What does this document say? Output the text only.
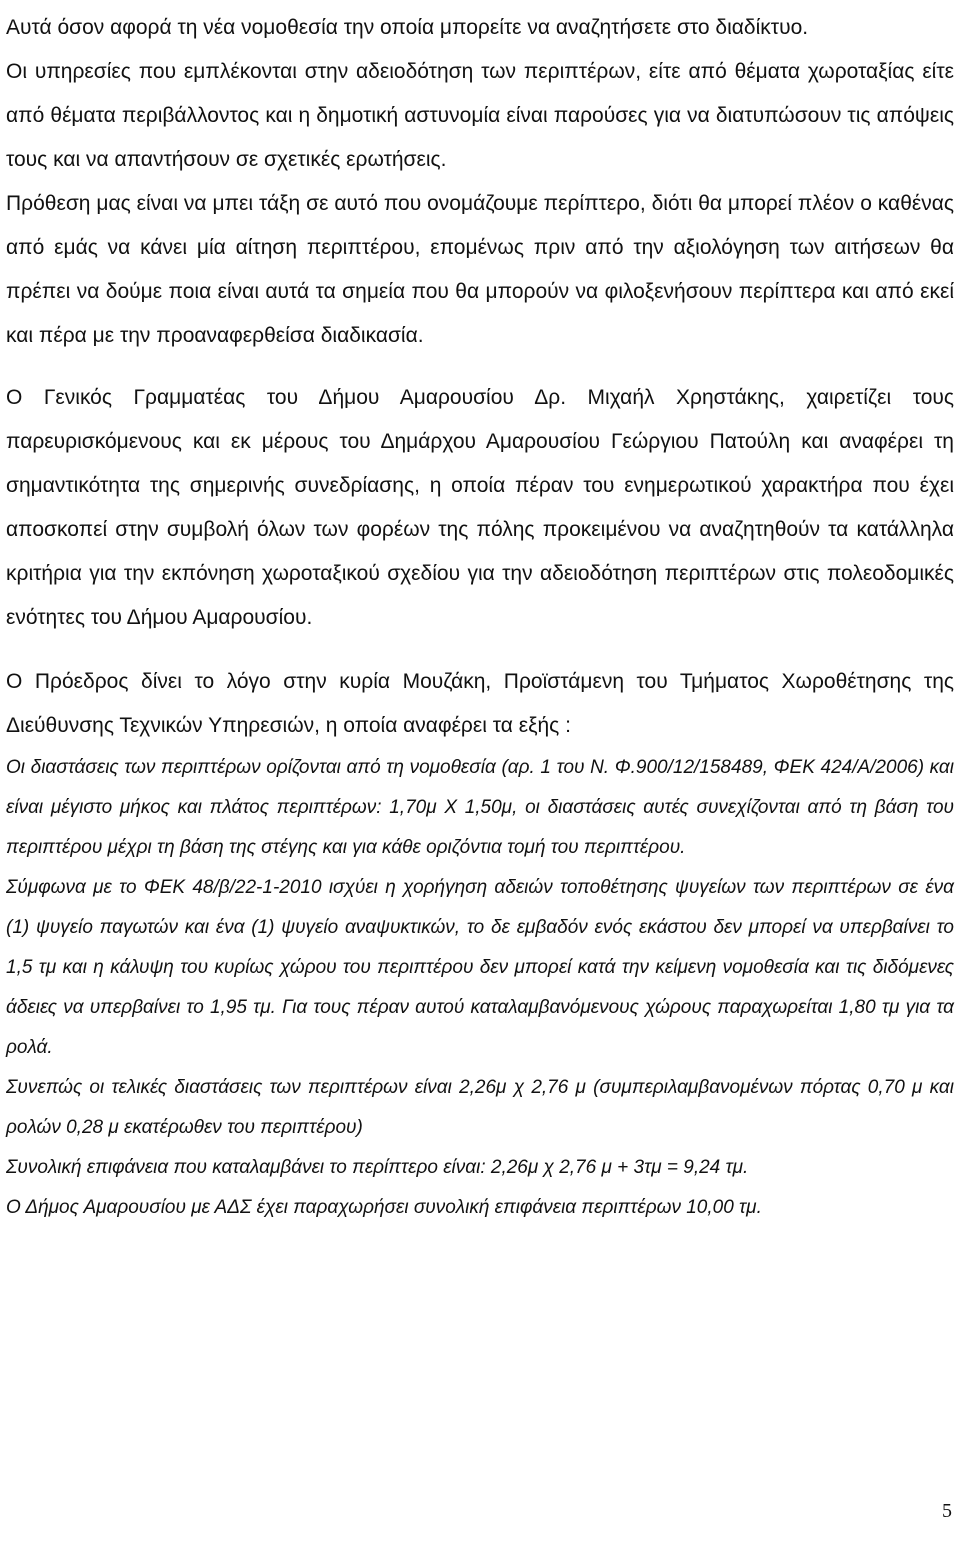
Αυτά όσον αφορά τη νέα νομοθεσία την οποία μπορείτε να αναζητήσετε στο διαδίκτυο.

Οι υπηρεσίες που εμπλέκονται στην αδειοδότηση των περιπτέρων, είτε από θέματα χωροταξίας είτε από θέματα περιβάλλοντος και η δημοτική αστυνομία είναι παρούσες για να διατυπώσουν τις απόψεις τους και να απαντήσουν σε σχετικές ερωτήσεις.

Πρόθεση μας είναι να μπει τάξη σε αυτό που ονομάζουμε περίπτερο, διότι θα μπορεί πλέον ο καθένας από εμάς να κάνει μία αίτηση περιπτέρου, επομένως πριν από την αξιολόγηση των αιτήσεων θα πρέπει να δούμε ποια είναι αυτά τα σημεία που θα μπορούν να φιλοξενήσουν περίπτερα και από εκεί και πέρα με την προαναφερθείσα διαδικασία.

Ο Γενικός Γραμματέας του Δήμου Αμαρουσίου Δρ. Μιχαήλ Χρηστάκης, χαιρετίζει τους παρευρισκόμενους και εκ μέρους του Δημάρχου Αμαρουσίου Γεώργιου Πατούλη και αναφέρει τη σημαντικότητα της σημερινής συνεδρίασης, η οποία πέραν του ενημερωτικού χαρακτήρα που έχει αποσκοπεί στην συμβολή όλων των φορέων της πόλης προκειμένου να αναζητηθούν τα κατάλληλα κριτήρια για την εκπόνηση χωροταξικού σχεδίου για την αδειοδότηση περιπτέρων στις πολεοδομικές ενότητες του Δήμου Αμαρουσίου.

Ο Πρόεδρος δίνει το λόγο στην κυρία Μουζάκη, Προϊστάμενη του Τμήματος Χωροθέτησης της Διεύθυνσης Τεχνικών Υπηρεσιών, η οποία αναφέρει τα εξής :

Οι διαστάσεις των περιπτέρων ορίζονται από τη νομοθεσία (αρ. 1 του Ν. Φ.900/12/158489, ΦΕΚ 424/Α/2006) και είναι μέγιστο μήκος και πλάτος περιπτέρων: 1,70μ Χ 1,50μ, οι διαστάσεις αυτές συνεχίζονται από τη βάση του περιπτέρου μέχρι τη βάση της στέγης και για κάθε οριζόντια τομή του περιπτέρου.

Σύμφωνα με το ΦΕΚ 48/β/22-1-2010 ισχύει η χορήγηση αδειών τοποθέτησης ψυγείων των περιπτέρων σε ένα (1) ψυγείο παγωτών και ένα (1) ψυγείο αναψυκτικών, το δε εμβαδόν ενός εκάστου δεν μπορεί να υπερβαίνει το 1,5 τμ και η κάλυψη του κυρίως χώρου του περιπτέρου δεν μπορεί κατά την κείμενη νομοθεσία και τις διδόμενες άδειες να υπερβαίνει το 1,95 τμ. Για τους πέραν αυτού καταλαμβανόμενους χώρους παραχωρείται 1,80 τμ για τα ρολά.

Συνεπώς οι τελικές διαστάσεις των περιπτέρων είναι 2,26μ χ 2,76 μ (συμπεριλαμβανομένων πόρτας 0,70 μ και ρολών 0,28 μ εκατέρωθεν του περιπτέρου)

Συνολική επιφάνεια που καταλαμβάνει το περίπτερο είναι: 2,26μ χ 2,76 μ + 3τμ = 9,24 τμ.

Ο Δήμος Αμαρουσίου με ΑΔΣ έχει παραχωρήσει συνολική επιφάνεια περιπτέρων 10,00 τμ.

5
